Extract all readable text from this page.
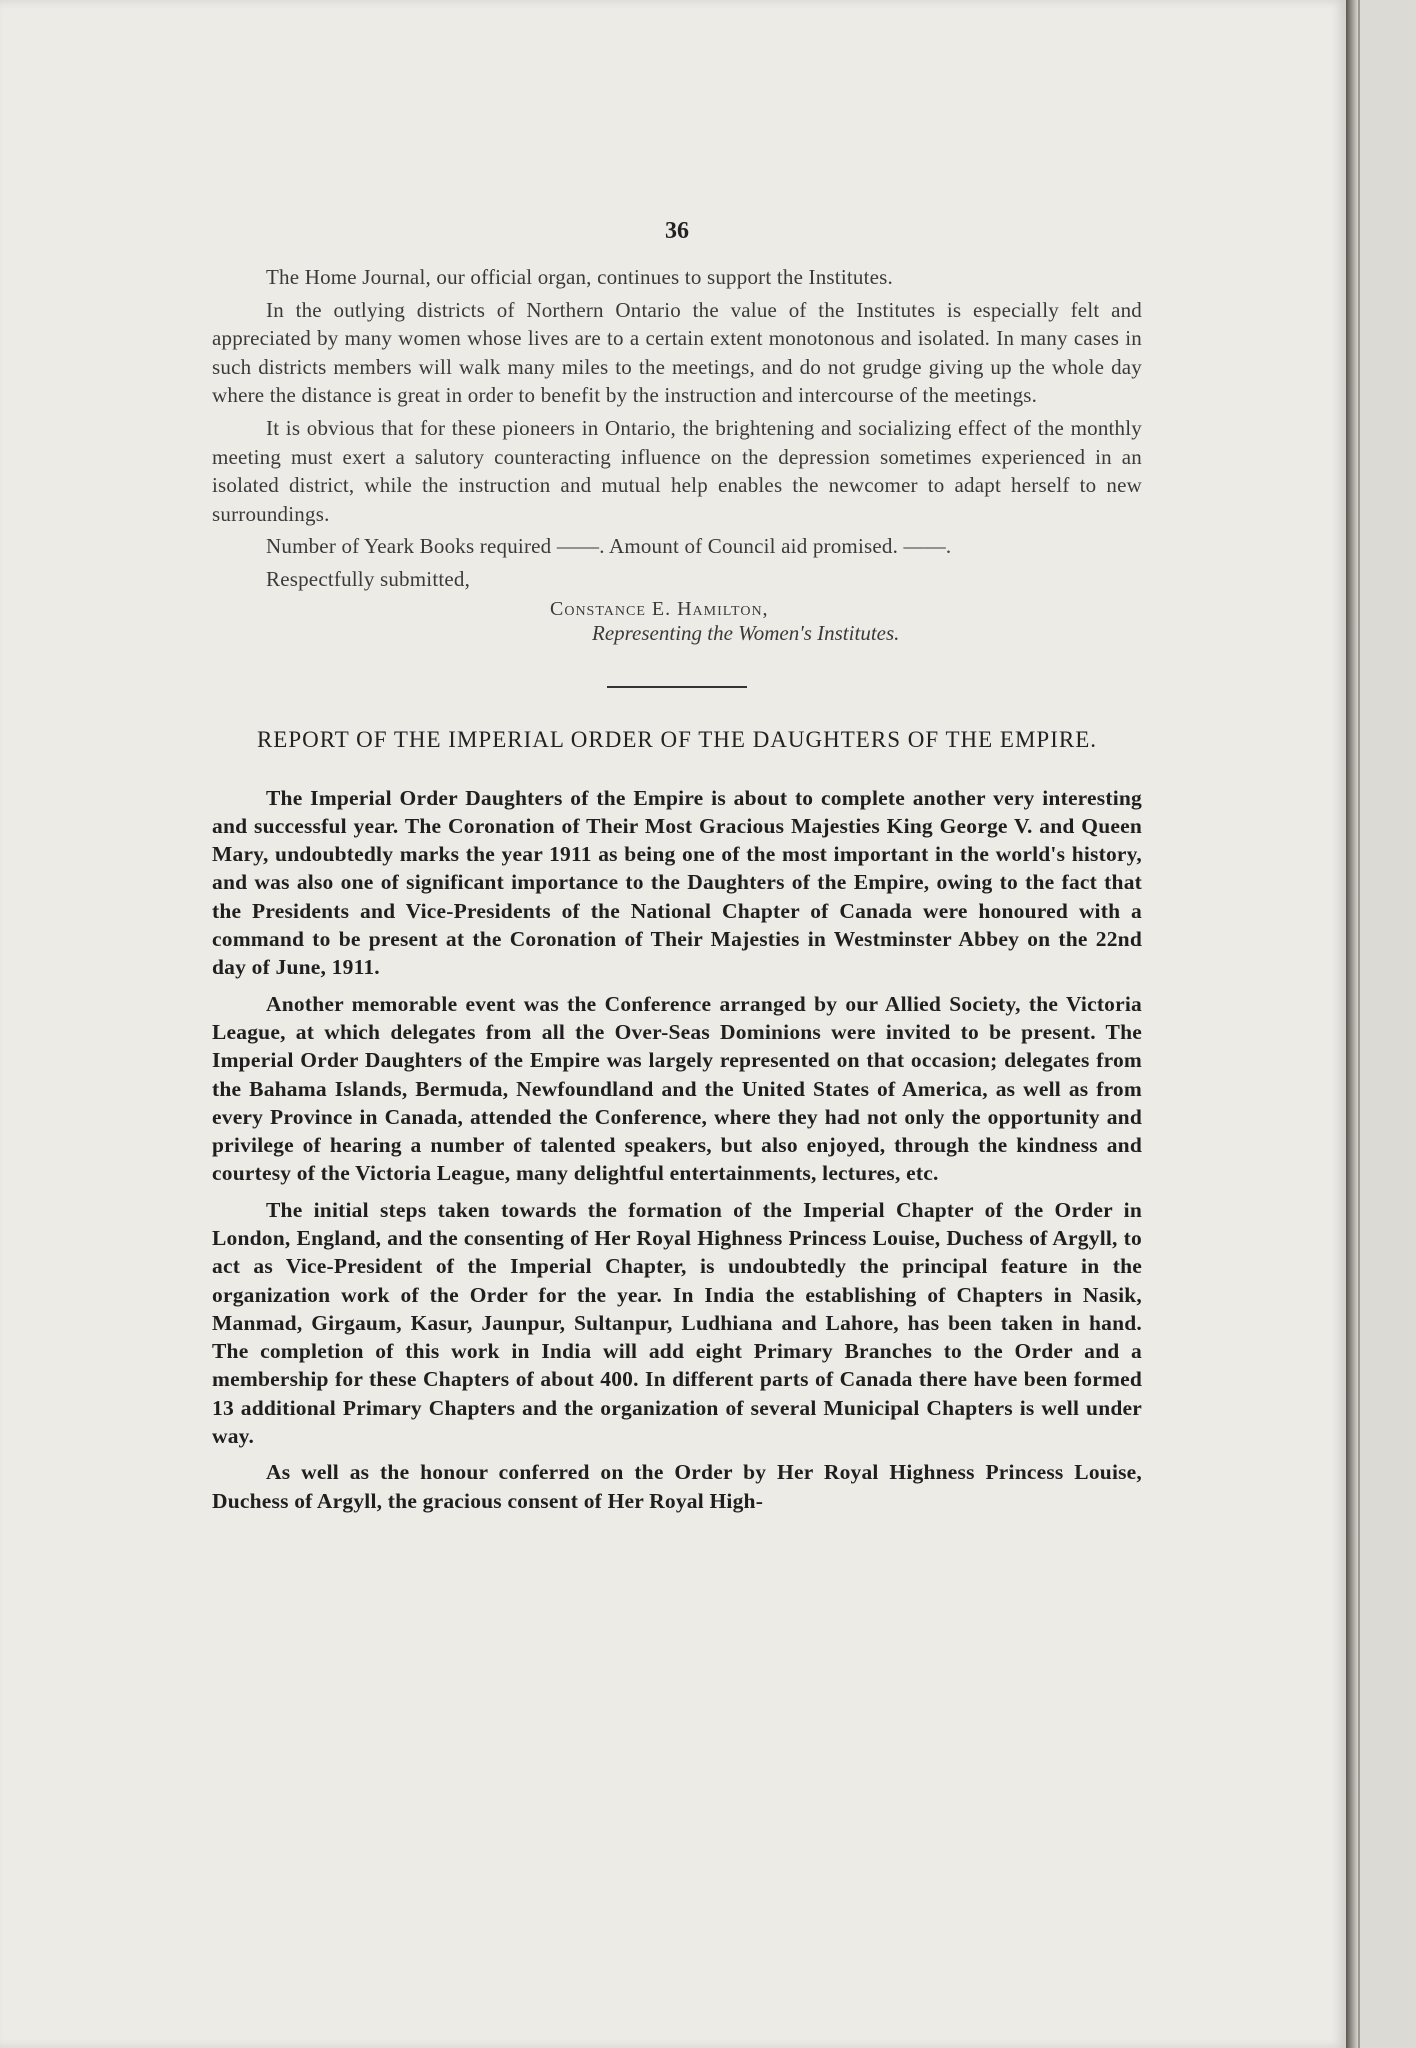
36

The Home Journal, our official organ, continues to support the Institutes.

In the outlying districts of Northern Ontario the value of the Institutes is especially felt and appreciated by many women whose lives are to a certain extent monotonous and isolated. In many cases in such districts members will walk many miles to the meetings, and do not grudge giving up the whole day where the distance is great in order to benefit by the instruction and intercourse of the meetings.

It is obvious that for these pioneers in Ontario, the brightening and socializing effect of the monthly meeting must exert a salutory counteracting influence on the depression sometimes experienced in an isolated district, while the instruction and mutual help enables the newcomer to adapt herself to new surroundings.

Number of Yeark Books required ——. Amount of Council aid promised. ——.

Respectfully submitted,

Constance E. Hamilton,
Representing the Women's Institutes.
REPORT OF THE IMPERIAL ORDER OF THE DAUGHTERS OF THE EMPIRE.

The Imperial Order Daughters of the Empire is about to complete another very interesting and successful year. The Coronation of Their Most Gracious Majesties King George V. and Queen Mary, undoubtedly marks the year 1911 as being one of the most important in the world's history, and was also one of significant importance to the Daughters of the Empire, owing to the fact that the Presidents and Vice-Presidents of the National Chapter of Canada were honoured with a command to be present at the Coronation of Their Majesties in Westminster Abbey on the 22nd day of June, 1911.

Another memorable event was the Conference arranged by our Allied Society, the Victoria League, at which delegates from all the Over-Seas Dominions were invited to be present. The Imperial Order Daughters of the Empire was largely represented on that occasion; delegates from the Bahama Islands, Bermuda, Newfoundland and the United States of America, as well as from every Province in Canada, attended the Conference, where they had not only the opportunity and privilege of hearing a number of talented speakers, but also enjoyed, through the kindness and courtesy of the Victoria League, many delightful entertainments, lectures, etc.

The initial steps taken towards the formation of the Imperial Chapter of the Order in London, England, and the consenting of Her Royal Highness Princess Louise, Duchess of Argyll, to act as Vice-President of the Imperial Chapter, is undoubtedly the principal feature in the organization work of the Order for the year. In India the establishing of Chapters in Nasik, Manmad, Girgaum, Kasur, Jaunpur, Sultanpur, Ludhiana and Lahore, has been taken in hand. The completion of this work in India will add eight Primary Branches to the Order and a membership for these Chapters of about 400. In different parts of Canada there have been formed 13 additional Primary Chapters and the organization of several Municipal Chapters is well under way.

As well as the honour conferred on the Order by Her Royal Highness Princess Louise, Duchess of Argyll, the gracious consent of Her Royal High-
